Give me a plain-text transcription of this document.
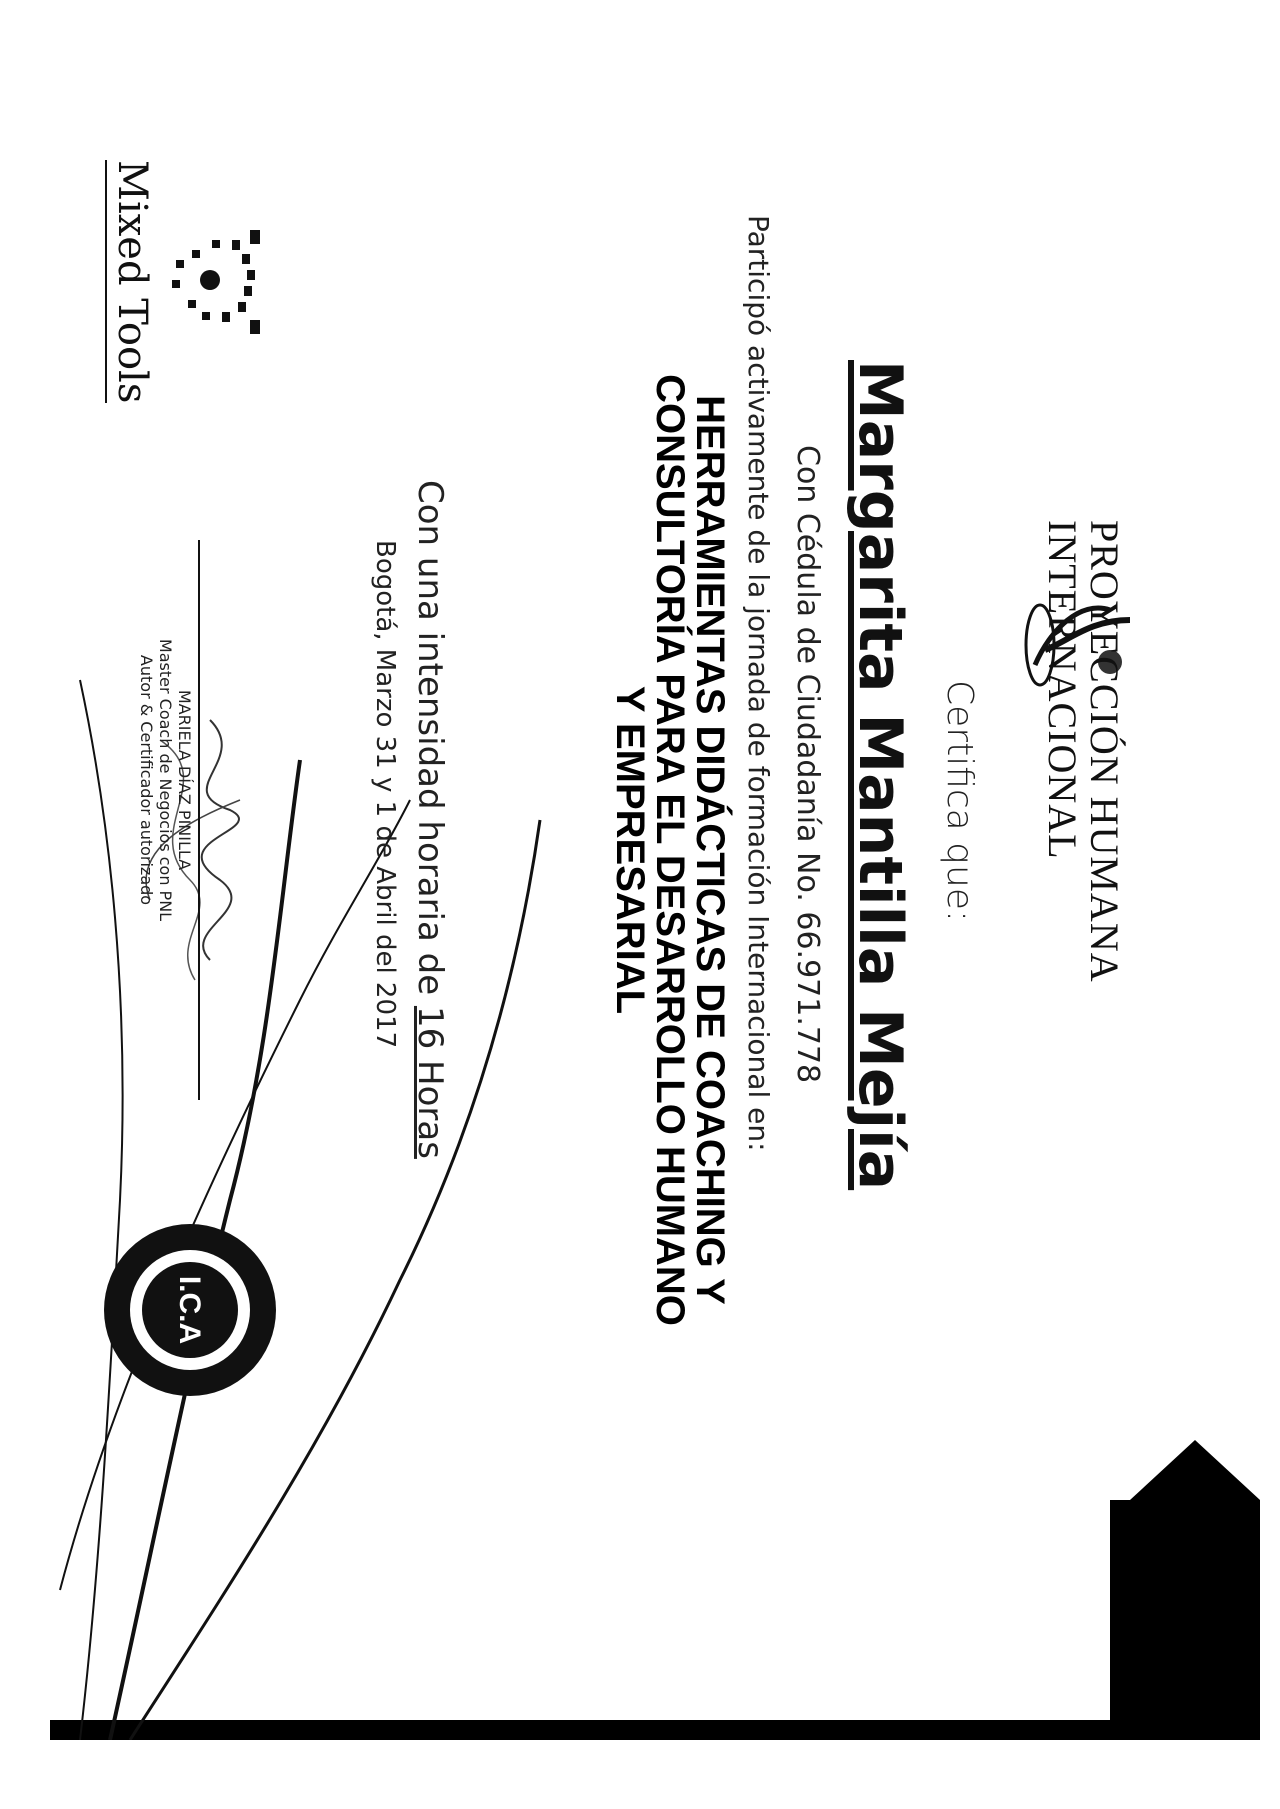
PROYECCIÓN HUMANA
INTERNACIONAL
Certifica que:
Margarita Mantilla Mejía
Con Cédula de Ciudadanía No. 66.971.778
Participó activamente de la jornada de formación Internacional en:
HERRAMIENTAS DIDÁCTICAS DE COACHING Y
CONSULTORÍA PARA EL DESARROLLO HUMANO
Y EMPRESARIAL
Con una intensidad horaria de 16 Horas
Bogotá, Marzo 31 y 1 de Abril del 2017
MARIELA DÍAZ PINILLA
Master Coach de Negocios con PNL
Autor & Certificador autorizado
Mixed Tools
I.C.A
